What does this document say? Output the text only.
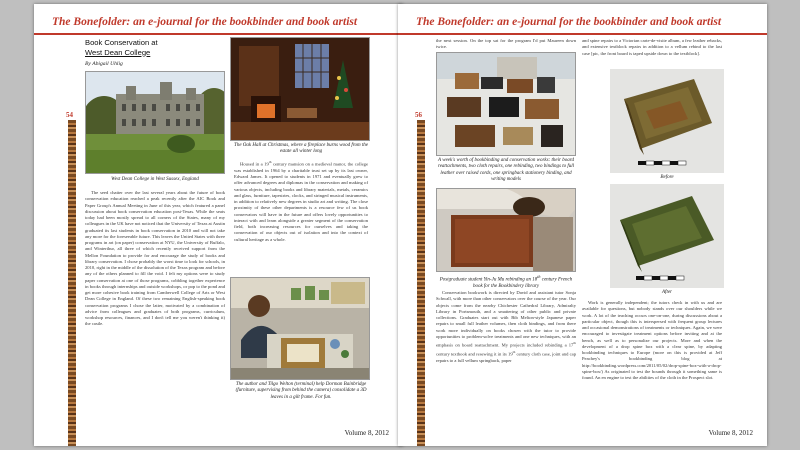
The Bonefolder: an e-journal for the bookbinder and book artist
54
Book Conservation at
West Dean College
By Abigail Uhlig
West Dean College in West Sussex, England
The Oak Hall at Christmas, where a fireplace burns wood from the estate all winter long

The seed chatter over the last several years about the future of book conservation education reached a peak recently after the AIC Book and Paper Group's Annual Meeting in June of this year, which featured a panel discussion about book conservation education post-Texas. While the seats today had been mostly spread to all corners of the States, many of my colleagues in the UK have not noticed that the University of Texas at Austin graduated its last students in book conservation in 2010 and will not take any more for the foreseeable future. This leaves the United States with three programs in art (on paper) conservation at NYU, the University of Buffalo, and Winterthur, all three of which recently received support from the Mellon Foundation to provide for and encourage the study of books and library conservation. I chose probably the worst time to look for schools, in 2010, right in the middle of the dissolution of the Texas program and before any of the others planned to fill the void. I felt my options were to study paper conservation at one of those programs, cobbling together experience in books through internships and outside workshops, or pop to the pond and get more cohesive book training from Camberwell College of Arts or West Dean College in England. Of these two remaining English-speaking book conservation programs I chose the latter, motivated by a combination of advice from colleagues and graduates of both programs, curriculum, workshop resources, finances, and I don't tell me you weren't thinking it) the castle.

Housed in a 19th century mansion on a medieval manor, the college was established in 1964 by a charitable trust set up by its last owner, Edward James. It opened to students in 1971 and eventually grew to offer advanced degrees and diplomas in the conservation and making of various objects, including books and library materials, metals, ceramics and glass, furniture, tapestries, clocks, and stringed musical instruments, in addition to relatively new degrees in studio art and writing. The close proximity of these other departments is a resource few of us book conservators will have in the future and offers lovely opportunities to interact with and learn alongside a greater segment of the conservation field, both increasing resources for ourselves and taking the conservation of our objects out of isolation and into the context of cultural heritage as a whole.

The author and Tilgo Welton (terminal) help Dorman Bainbridge (furniture, supervising from behind the camera) consolidate a 3D leaves in a gilt frame. For fun.
Volume 8, 2012
The Bonefolder: an e-journal for the bookbinder and book artist
56

the next session. On the top sat for the program I'd put Maureen down twice.

and spine repairs to a Victorian carte-de-visite album, a few leather rebacks, and extensive textblock repairs in addition to a vellum rebind to the last case [pic, the front board is taped upside down to the textblock].

A week's worth of bookbinding and conservation works: their board reattachments, two cloth repairs, one rebinding, two bindings to full leather over raised cords, one springback stationery binding, and writing models	Before
Postgraduate student Yin-Ju Mu rebinding an 18th century French book for the Bookbindery library
After

Conservation bookwork is directed by David and assistant tutor Sonja Schwall, with more than other conservators over the course of the year. Our objects come from the nearby Chichester Cathedral Library, Admiralty Library in Portsmouth, and a smattering of other public and private collections. Graduates start out with Bib Melton-style Japanese paper repairs to small full leather volumes, then cloth bindings, and from there work more individually on books chosen with the tutor to provide opportunities to problem-solve treatments and one new techniques, with an emphasis on board reattachment. My projects included rebinding a 17th century textbook and resewing it in its 19th century cloth case, joint and cap repairs to a full vellum springback, paper

Work is generally independent; the tutors check in with us and are available for questions, but nobody stands over our shoulders while we work. A lot of the teaching occurs one-on-one, during discussions about a particular object, though this is interspersed with frequent group lectures and occasional demonstrations of treatments or techniques. Again, we were encouraged to investigate treatment options before inviting and at the bench, as well as to personalize our projects. More and when the development of a drop spine box with a clear spine, by adapting bookbinding techniques to Europe (more on this is provided at Jeff Peachey's bookbinding blog at http://bookbinding.wordpress.com/2011/05/02/drop-spine-box-with-a-drop-spine-box/) As originated to test the bounds through it something same is found. An en engine to test the abilities of the cloth in the Prospect slot.

Volume 8, 2012
